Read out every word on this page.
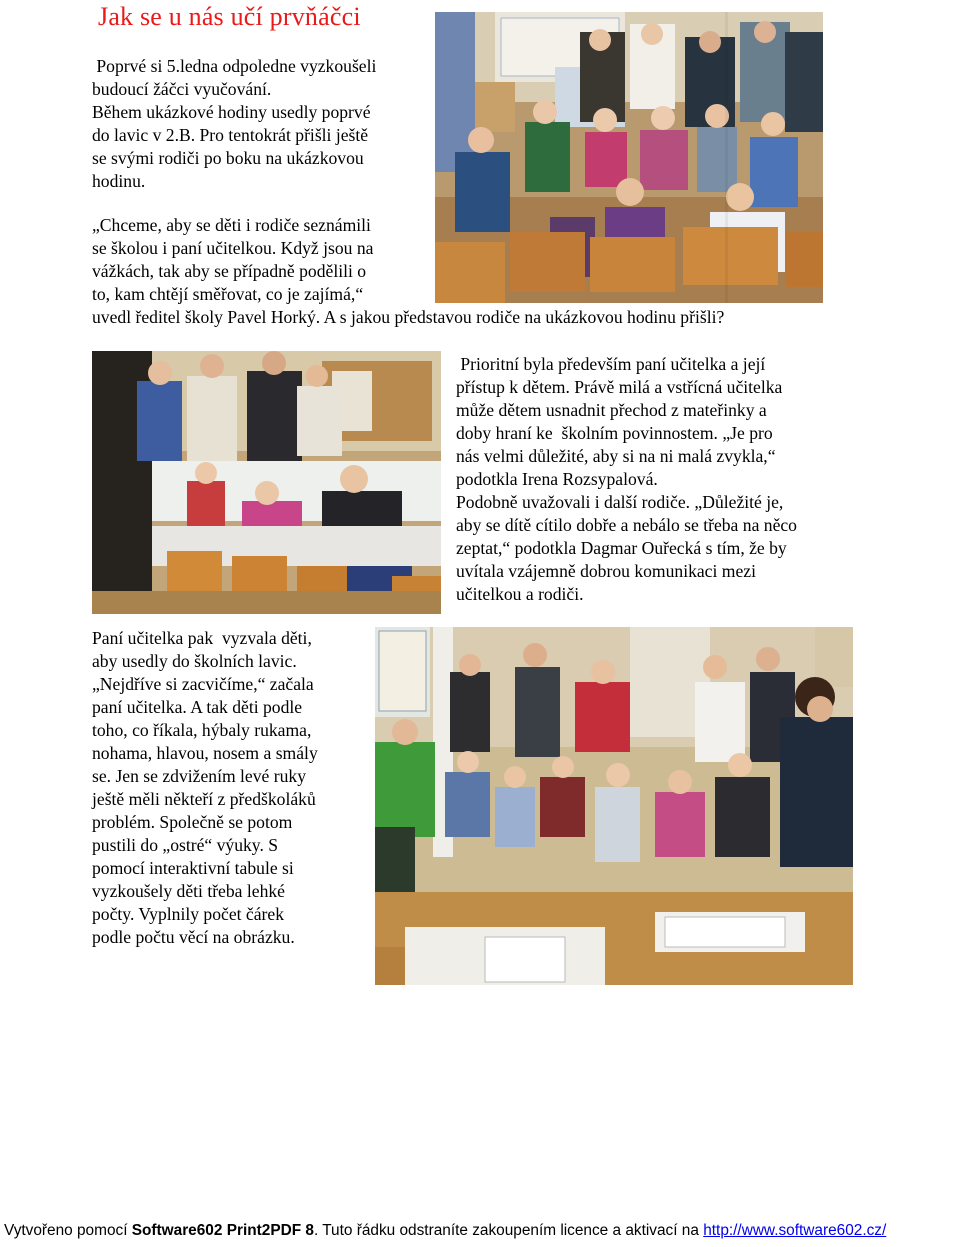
Jak se u nás učí prvňáčci
Poprvé si 5.ledna odpoledne vyzkoušeli
budoucí žáčci vyučování.
Během ukázkové hodiny usedly poprvé
do lavic v 2.B. Pro tentokrát přišli ještě
se svými rodiči po boku na ukázkovou
hodinu.
„Chceme, aby se děti i rodiče seznámili
se školou i paní učitelkou. Když jsou na
vážkách, tak aby se případně podělili o
to, kam chtějí směřovat, co je zajímá,“
uvedl ředitel školy Pavel Horký. A s jakou představou rodiče na ukázkovou hodinu přišli?
Prioritní byla především paní učitelka a její
přístup k dětem. Právě milá a vstřícná učitelka
může dětem usnadnit přechod z mateřinky a
doby hraní ke  školním povinnostem. „Je pro
nás velmi důležité, aby si na ni malá zvykla,“
podotkla Irena Rozsypalová.
Podobně uvažovali i další rodiče. „Důležité je,
aby se dítě cítilo dobře a nebálo se třeba na něco
zeptat,“ podotkla Dagmar Ouřecká s tím, že by
uvítala vzájemně dobrou komunikaci mezi
učitelkou a rodiči.
Paní učitelka pak  vyzvala děti,
aby usedly do školních lavic.
„Nejdříve si zacvičíme,“ začala
paní učitelka. A tak děti podle
toho, co říkala, hýbaly rukama,
nohama, hlavou, nosem a smály
se. Jen se zdvižením levé ruky
ještě měli někteří z předškoláků
problém. Společně se potom
pustili do „ostré“ výuky. S
pomocí interaktivní tabule si
vyzkoušely děti třeba lehké
počty. Vyplnily počet čárek
podle počtu věcí na obrázku.
Vytvořeno pomocí Software602 Print2PDF 8. Tuto řádku odstraníte zakoupením licence a aktivací na http://www.software602.cz/
